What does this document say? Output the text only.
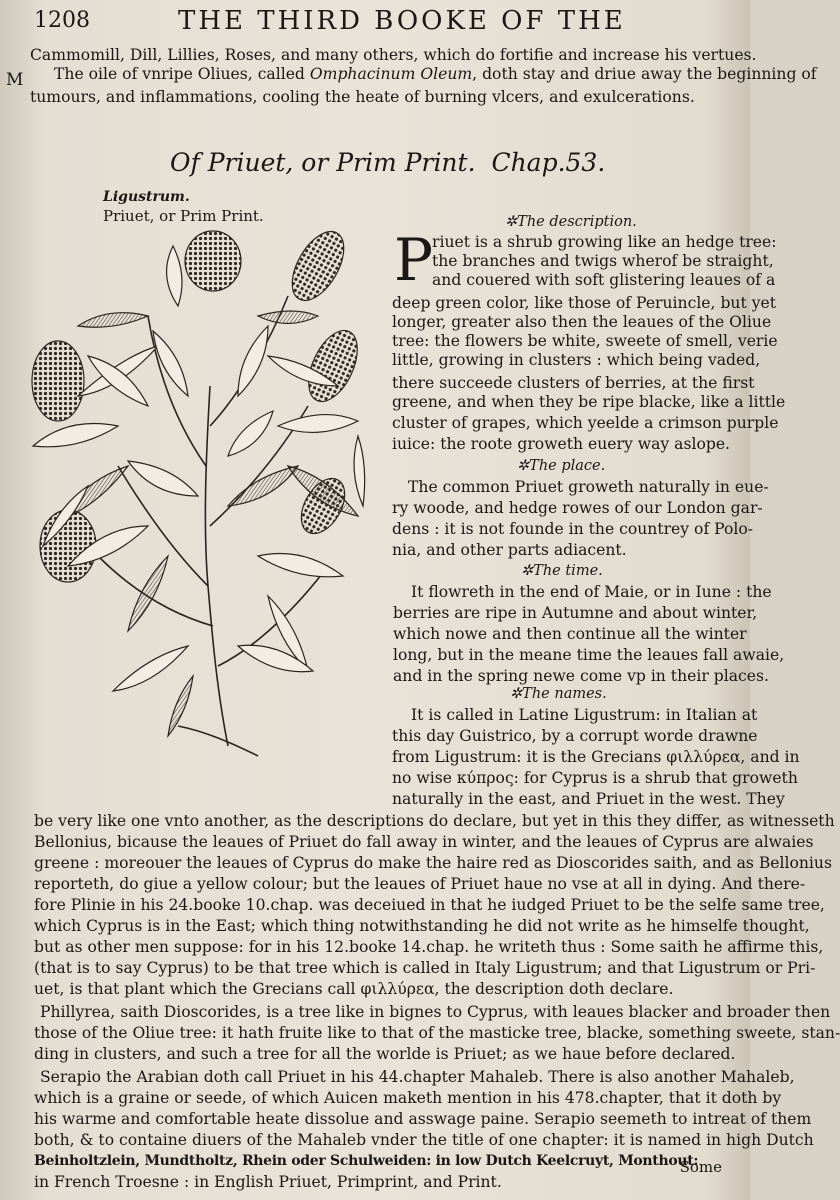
1208	THE THIRD BOOKE OF THE
M
Cammomill, Dill, Lillies, Roses, and many others, which do fortifie and increase his vertues.
The oile of vnripe Oliues, called Omphacinum Oleum, doth stay and driue away the beginning of
tumours, and inflammations, cooling the heate of burning vlcers, and exulcerations.
Of Priuet, or Prim Print. Chap.53.
Ligustrum.
Priuet, or Prim Print.	✲The description.
P
riuet is a shrub growing like an hedge tree:
the branches and twigs wherof be straight,
and couered with soft glistering leaues of a
deep green color, like those of Peruincle, but yet
longer, greater also then the leaues of the Oliue
tree: the flowers be white, sweete of smell, verie
little, growing in clusters : which being vaded,
there succeede clusters of berries, at the first
greene, and when they be ripe blacke, like a little
cluster of grapes, which yeelde a crimson purple
iuice: the roote groweth euery way aslope.
✲The place.
The common Priuet groweth naturally in eue-
ry woode, and hedge rowes of our London gar-
dens : it is not founde in the countrey of Polo-
nia, and other parts adiacent.
✲The time.
It flowreth in the end of Maie, or in Iune : the
berries are ripe in Autumne and about winter,
which nowe and then continue all the winter
long, but in the meane time the leaues fall awaie,
and in the spring newe come vp in their places.
✲The names.
It is called in Latine Ligustrum: in Italian at
this day Guistrico, by a corrupt worde drawne
from Ligustrum: it is the Grecians φιλλύρεα, and in
no wise κύπρος: for Cyprus is a shrub that groweth
naturally in the east, and Priuet in the west. They
be very like one vnto another, as the descriptions do declare, but yet in this they differ, as witnesseth
Bellonius, bicause the leaues of Priuet do fall away in winter, and the leaues of Cyprus are alwaies
greene : moreouer the leaues of Cyprus do make the haire red as Dioscorides saith, and as Bellonius
reporteth, do giue a yellow colour; but the leaues of Priuet haue no vse at all in dying. And there-
fore Plinie in his 24.booke 10.chap. was deceiued in that he iudged Priuet to be the selfe same tree,
which Cyprus is in the East; which thing notwithstanding he did not write as he himselfe thought,
but as other men suppose: for in his 12.booke 14.chap. he writeth thus : Some saith he affirme this,
(that is to say Cyprus) to be that tree which is called in Italy Ligustrum; and that Ligustrum or Pri-
uet, is that plant which the Grecians call φιλλύρεα, the description doth declare.
Phillyrea, saith Dioscorides, is a tree like in bignes to Cyprus, with leaues blacker and broader then
those of the Oliue tree: it hath fruite like to that of the masticke tree, blacke, something sweete, stan-
ding in clusters, and such a tree for all the worlde is Priuet; as we haue before declared.
Serapio the Arabian doth call Priuet in his 44.chapter Mahaleb. There is also another Mahaleb,
which is a graine or seede, of which Auicen maketh mention in his 478.chapter, that it doth by
his warme and comfortable heate dissolue and asswage paine. Serapio seemeth to intreat of them
both, & to containe diuers of the Mahaleb vnder the title of one chapter: it is named in high Dutch
Beinholtzlein, Mundtholtz, Rhein oder Schulweiden: in low Dutch Keelcruyt, Monthout:
in French Troesne : in English Priuet, Primprint, and Print.
Some
